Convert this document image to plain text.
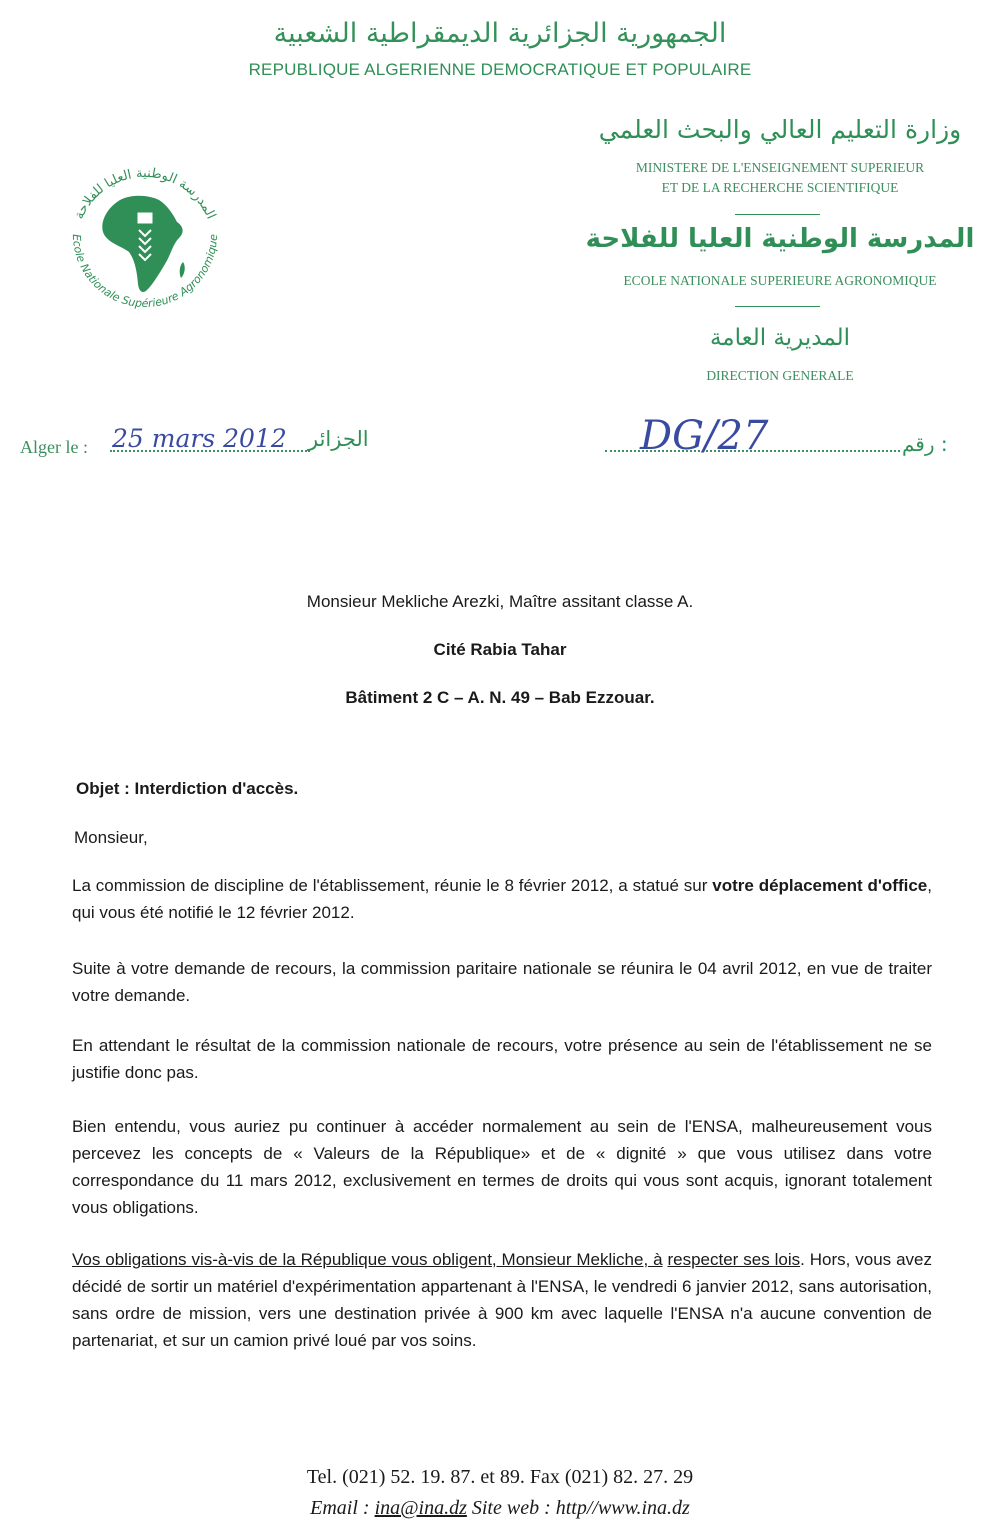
الجمهورية الجزائرية الديمقراطية الشعبية
REPUBLIQUE ALGERIENNE DEMOCRATIQUE ET POPULAIRE
المدرسة الوطنية العليا للفلاحة
Ecole Nationale Supérieure Agronomique
وزارة التعليم العالي والبحث العلمي
MINISTERE DE L'ENSEIGNEMENT SUPERIEUR
ET DE LA RECHERCHE SCIENTIFIQUE
المدرسة الوطنية العليا للفلاحة
ECOLE NATIONALE SUPERIEURE AGRONOMIQUE
المديرية العامة
DIRECTION GENERALE
Alger le : 25 mars 2012 الجزائر	DG/27	: رقم
Monsieur Mekliche Arezki, Maître assitant classe A.
Cité Rabia Tahar
Bâtiment 2 C – A. N. 49 – Bab Ezzouar.
Objet : Interdiction d'accès.
Monsieur,
La commission de discipline de l'établissement, réunie le 8 février 2012, a statué sur votre déplacement d'office, qui vous été notifié le 12 février 2012.
Suite à votre demande de recours, la commission paritaire nationale se réunira le 04 avril 2012, en vue de traiter votre demande.
En attendant le résultat de la commission nationale de recours, votre présence au sein de l'établissement ne se justifie donc pas.
Bien entendu, vous auriez pu continuer à accéder normalement au sein de l'ENSA, malheureusement vous percevez les concepts de « Valeurs de la République» et de « dignité » que vous utilisez dans votre correspondance du 11 mars 2012, exclusivement en termes de droits qui vous sont acquis, ignorant totalement vous obligations.
Vos obligations vis-à-vis de la République vous obligent, Monsieur Mekliche, à respecter ses lois. Hors, vous avez décidé de sortir un matériel d'expérimentation appartenant à l'ENSA, le vendredi 6 janvier 2012, sans autorisation, sans ordre de mission, vers une destination privée à 900 km avec laquelle l'ENSA n'a aucune convention de partenariat, et sur un camion privé loué par vos soins.
Tel. (021) 52. 19. 87. et 89. Fax (021) 82. 27. 29
Email : ina@ina.dz Site web : http//www.ina.dz
